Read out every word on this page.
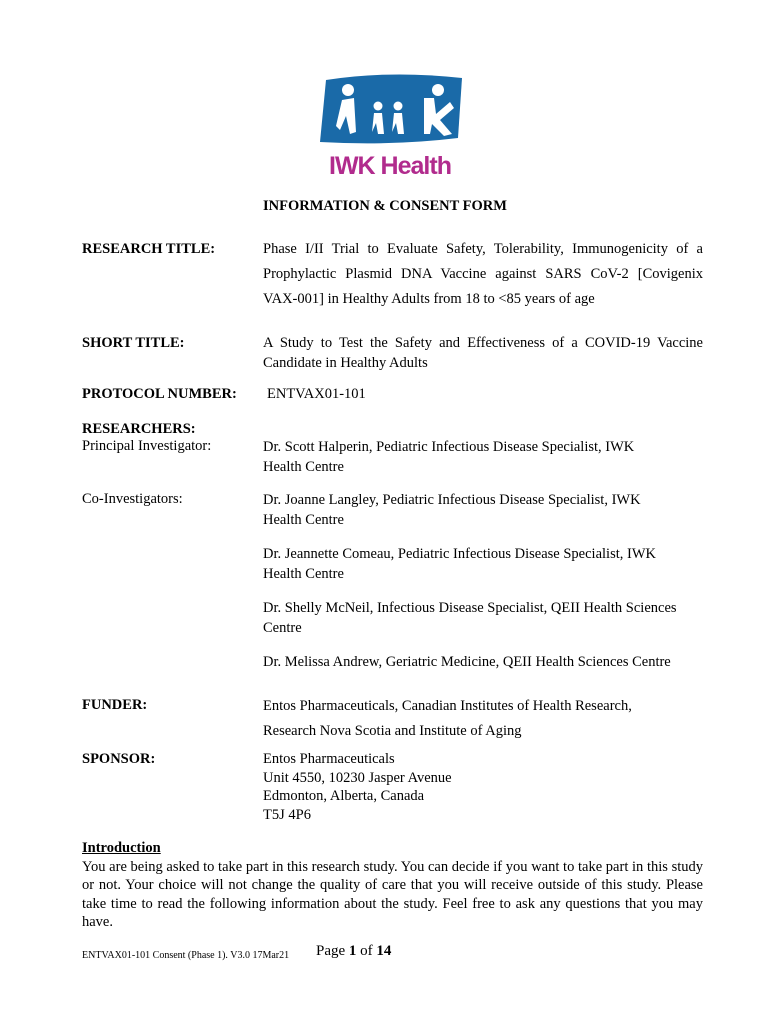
IWK Health
INFORMATION & CONSENT FORM
RESEARCH TITLE:	Phase I/II Trial to Evaluate Safety, Tolerability, Immunogenicity of a Prophylactic Plasmid DNA Vaccine against SARS CoV-2 [Covigenix VAX-001] in Healthy Adults from 18 to <85 years of age
SHORT TITLE:	A Study to Test the Safety and Effectiveness of a COVID-19 Vaccine Candidate in Healthy Adults
PROTOCOL NUMBER: ENTVAX01-101
RESEARCHERS:
Principal Investigator:	Dr. Scott Halperin, Pediatric Infectious Disease Specialist, IWK Health Centre
Co-Investigators:	Dr. Joanne Langley, Pediatric Infectious Disease Specialist, IWK Health Centre
Dr. Jeannette Comeau, Pediatric Infectious Disease Specialist, IWK Health Centre
Dr. Shelly McNeil, Infectious Disease Specialist, QEII Health Sciences Centre
Dr. Melissa Andrew, Geriatric Medicine, QEII Health Sciences Centre
FUNDER:	Entos Pharmaceuticals, Canadian Institutes of Health Research, Research Nova Scotia and Institute of Aging
SPONSOR:	Entos Pharmaceuticals
Unit 4550, 10230 Jasper Avenue
Edmonton, Alberta, Canada
T5J 4P6
Introduction
You are being asked to take part in this research study. You can decide if you want to take part in this study or not. Your choice will not change the quality of care that you will receive outside of this study. Please take time to read the following information about the study. Feel free to ask any questions that you may have.
ENTVAX01-101 Consent (Phase 1). V3.0 17Mar21 Page 1 of 14
